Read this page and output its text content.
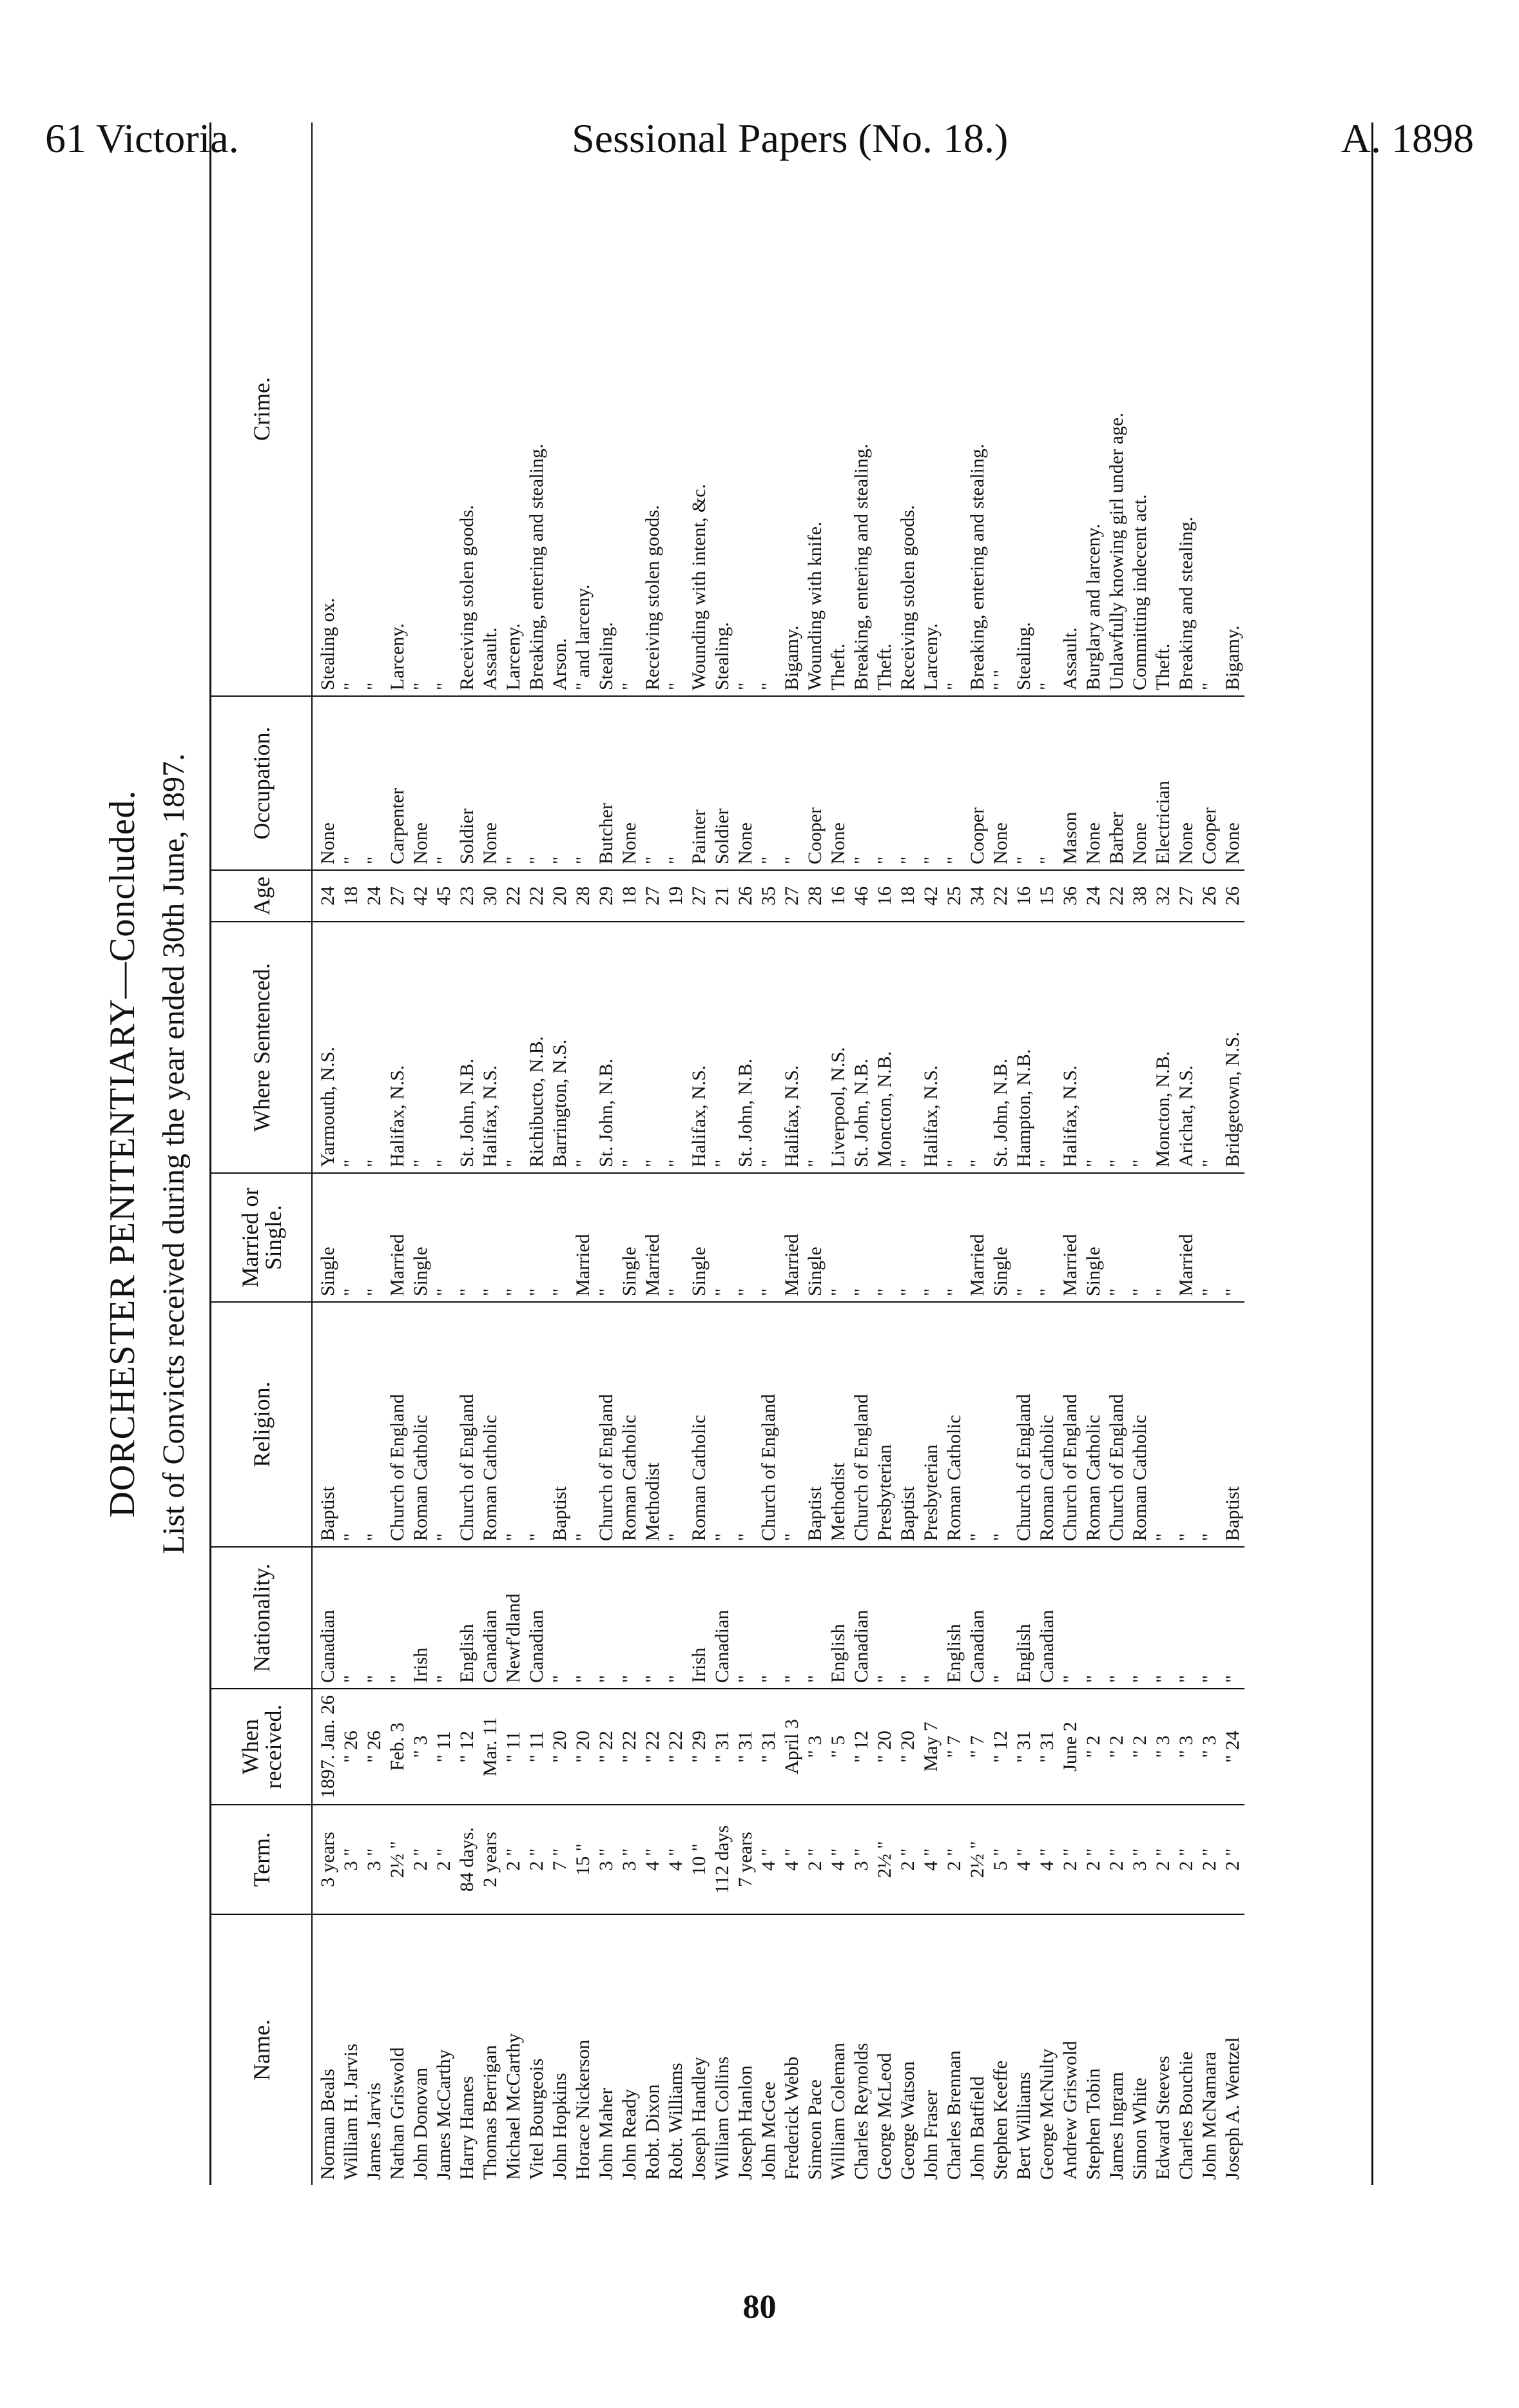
61 Victoria.	Sessional Papers (No. 18.)	A. 1898
DORCHESTER PENITENTIARY—Concluded. List of Convicts received during the year ended 30th June, 1897.
Name.	Term.	When received.	Nationality.	Religion.	Married or Single.	Where Sentenced.	Age	Occupation.	Crime.
Norman Beals	3 years	1897. Jan. 26	Canadian	Baptist	Single	Yarmouth, N.S.	24	None	Stealing ox.
William H. Jarvis	3 "	" 26	"	"	"	"	18	"	"
James Jarvis	3 "	" 26	"	"	"	"	24	"	"
Nathan Griswold	2½ "	Feb. 3	"	Church of England	Married	Halifax, N.S.	27	Carpenter	Larceny.
John Donovan	2 "	" 3	Irish	Roman Catholic	Single	"	42	None	"
James McCarthy	2 "	" 11	"	"	"	"	45	"	"
Harry Hames	84 days.	" 12	English	Church of England	"	St. John, N.B.	23	Soldier	Receiving stolen goods.
Thomas Berrigan	2 years	Mar. 11	Canadian	Roman Catholic	"	Halifax, N.S.	30	None	Assault.
Michael McCarthy	2 "	" 11	Newf'dland	"	"	"	22	"	Larceny.
Vitel Bourgeois	2 "	" 11	Canadian	"	"	Richibucto, N.B.	22	"	Breaking, entering and stealing.
John Hopkins	7 "	" 20	"	Baptist	"	Barrington, N.S.	20	"	Arson.
Horace Nickerson	15 "	" 20	"	"	Married	"	28	"	" and larceny.
John Maher	3 "	" 22	"	Church of England	"	St. John, N.B.	29	Butcher	Stealing.
John Ready	3 "	" 22	"	Roman Catholic	Single	"	18	None	"
Robt. Dixon	4 "	" 22	"	Methodist	Married	"	27	"	Receiving stolen goods.
Robt. Williams	4 "	" 22	"	"	"	"	19	"	"
Joseph Handley	10 "	" 29	Irish	Roman Catholic	Single	Halifax, N.S.	27	Painter	Wounding with intent, &c.
William Collins	112 days	" 31	Canadian	"	"	"	21	Soldier	Stealing.
Joseph Hanlon	7 years	" 31	"	"	"	St. John, N.B.	26	None	"
John McGee	4 "	" 31	"	Church of England	"	"	35	"	"
Frederick Webb	4 "	April 3	"	"	Married	Halifax, N.S.	27	"	Bigamy.
Simeon Pace	2 "	" 3	"	Baptist	Single	"	28	Cooper	Wounding with knife.
William Coleman	4 "	" 5	English	Methodist	"	Liverpool, N.S.	16	None	Theft.
Charles Reynolds	3 "	" 12	Canadian	Church of England	"	St. John, N.B.	46	"	Breaking, entering and stealing.
George McLeod	2½ "	" 20	"	Presbyterian	"	Moncton, N.B.	16	"	Theft.
George Watson	2 "	" 20	"	Baptist	"	"	18	"	Receiving stolen goods.
John Fraser	4 "	May 7	"	Presbyterian	"	Halifax, N.S.	42	"	Larceny.
Charles Brennan	2 "	" 7	English	Roman Catholic	"	"	25	"	"
John Batfield	2½ "	" 7	Canadian	"	Married	"	34	Cooper	Breaking, entering and stealing.
Stephen Keeffe	5 "	" 12	"	"	Single	St. John, N.B.	22	None	" "
Bert Williams	4 "	" 31	English	Church of England	"	Hampton, N.B.	16	"	Stealing.
George McNulty	4 "	" 31	Canadian	Roman Catholic	"	"	15	"	"
Andrew Griswold	2 "	June 2	"	Church of England	Married	Halifax, N.S.	36	Mason	Assault.
Stephen Tobin	2 "	" 2	"	Roman Catholic	Single	"	24	None	Burglary and larceny.
James Ingram	2 "	" 2	"	Church of England	"	"	22	Barber	Unlawfully knowing girl under age.
Simon White	3 "	" 2	"	Roman Catholic	"	"	38	None	Committing indecent act.
Edward Steeves	2 "	" 3	"	"	"	Moncton, N.B.	32	Electrician	Theft.
Charles Bouchie	2 "	" 3	"	"	Married	Arichat, N.S.	27	None	Breaking and stealing.
John McNamara	2 "	" 3	"	"	"	"	26	Cooper	"
Joseph A. Wentzel	2 "	" 24	"	Baptist	"	Bridgetown, N.S.	26	None	Bigamy.
80
